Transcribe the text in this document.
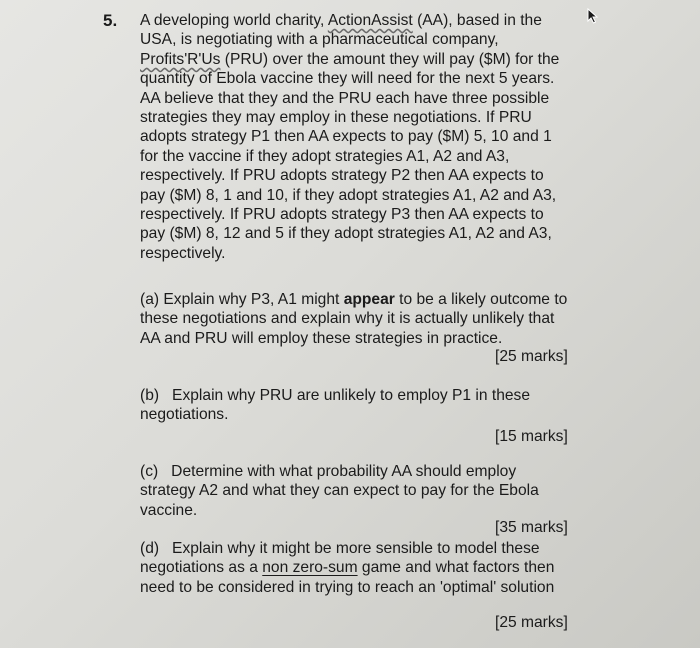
5. A developing world charity, ActionAssist (AA), based in the
USA, is negotiating with a pharmaceutical company,
Profits'R'Us (PRU) over the amount they will pay ($M) for the
quantity of Ebola vaccine they will need for the next 5 years.
AA believe that they and the PRU each have three possible
strategies they may employ in these negotiations. If PRU
adopts strategy P1 then AA expects to pay ($M) 5, 10 and 1
for the vaccine if they adopt strategies A1, A2 and A3,
respectively. If PRU adopts strategy P2 then AA expects to
pay ($M) 8, 1 and 10, if they adopt strategies A1, A2 and A3,
respectively. If PRU adopts strategy P3 then AA expects to
pay ($M) 8, 12 and 5 if they adopt strategies A1, A2 and A3,
respectively.
(a) Explain why P3, A1 might appear to be a likely outcome to
these negotiations and explain why it is actually unlikely that
AA and PRU will employ these strategies in practice.
[25 marks]
(b)   Explain why PRU are unlikely to employ P1 in these
negotiations.
[15 marks]
(c)   Determine with what probability AA should employ
strategy A2 and what they can expect to pay for the Ebola
vaccine.
[35 marks]
(d)   Explain why it might be more sensible to model these
negotiations as a non zero-sum game and what factors then
need to be considered in trying to reach an 'optimal' solution
[25 marks]
